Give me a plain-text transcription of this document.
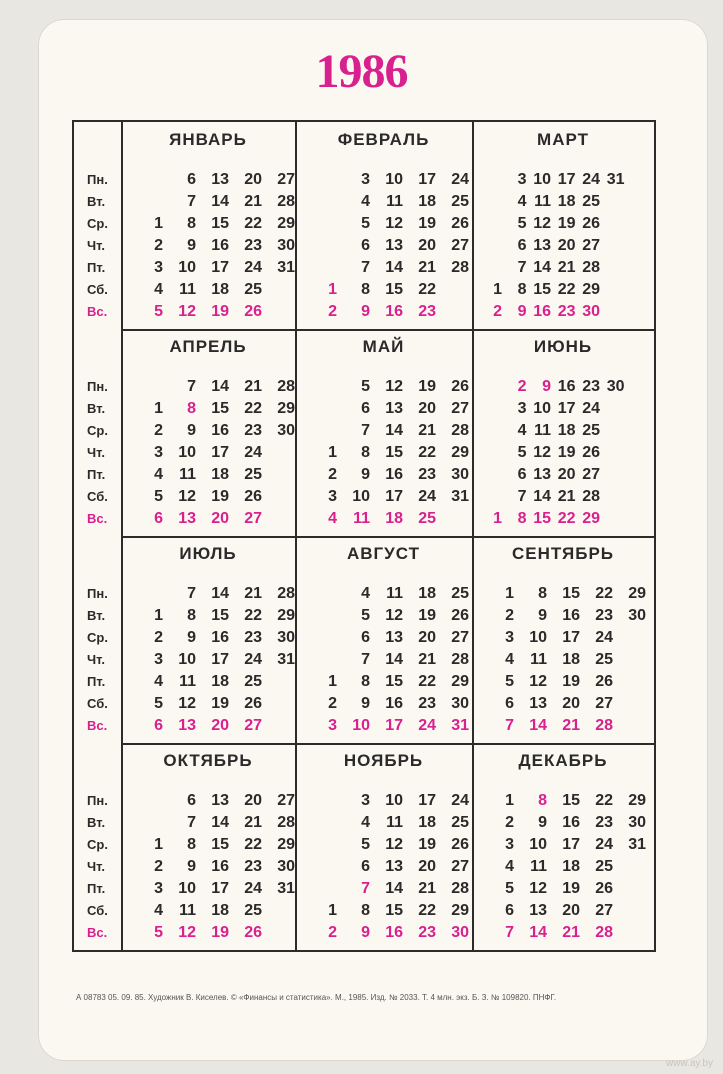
1986
Пн.
Вт.
Ср.
Чт.
Пт.
Сб.
Вс.
Пн.
Вт.
Ср.
Чт.
Пт.
Сб.
Вс.
Пн.
Вт.
Ср.
Чт.
Пт.
Сб.
Вс.
Пн.
Вт.
Ср.
Чт.
Пт.
Сб.
Вс.
ЯНВАРЬ
1
2
3
4
5
6
7
8
9
10
11
12
13
14
15
16
17
18
19
20
21
22
23
24
25
26
27
28
29
30
31
ФЕВРАЛЬ
1
2
3
4
5
6
7
8
9
10
11
12
13
14
15
16
17
18
19
20
21
22
23
24
25
26
27
28
МАРТ
1
2
3
4
5
6
7
8
9
10
11
12
13
14
15
16
17
18
19
20
21
22
23
24
25
26
27
28
29
30
31
АПРЕЛЬ
1
2
3
4
5
6
7
8
9
10
11
12
13
14
15
16
17
18
19
20
21
22
23
24
25
26
27
28
29
30
МАЙ
1
2
3
4
5
6
7
8
9
10
11
12
13
14
15
16
17
18
19
20
21
22
23
24
25
26
27
28
29
30
31
ИЮНЬ
1
2
3
4
5
6
7
8
9
10
11
12
13
14
15
16
17
18
19
20
21
22
23
24
25
26
27
28
29
30
ИЮЛЬ
1
2
3
4
5
6
7
8
9
10
11
12
13
14
15
16
17
18
19
20
21
22
23
24
25
26
27
28
29
30
31
АВГУСТ
1
2
3
4
5
6
7
8
9
10
11
12
13
14
15
16
17
18
19
20
21
22
23
24
25
26
27
28
29
30
31
СЕНТЯБРЬ
1
2
3
4
5
6
7
8
9
10
11
12
13
14
15
16
17
18
19
20
21
22
23
24
25
26
27
28
29
30
ОКТЯБРЬ
1
2
3
4
5
6
7
8
9
10
11
12
13
14
15
16
17
18
19
20
21
22
23
24
25
26
27
28
29
30
31
НОЯБРЬ
1
2
3
4
5
6
7
8
9
10
11
12
13
14
15
16
17
18
19
20
21
22
23
24
25
26
27
28
29
30
ДЕКАБРЬ
1
2
3
4
5
6
7
8
9
10
11
12
13
14
15
16
17
18
19
20
21
22
23
24
25
26
27
28
29
30
31
А 08783 05. 09. 85. Художник В. Киселев. © «Финансы и статистика». М., 1985. Изд. № 2033. Т. 4 млн. экз. Б. З. № 109820. ПНФГ.
www.ay.by
